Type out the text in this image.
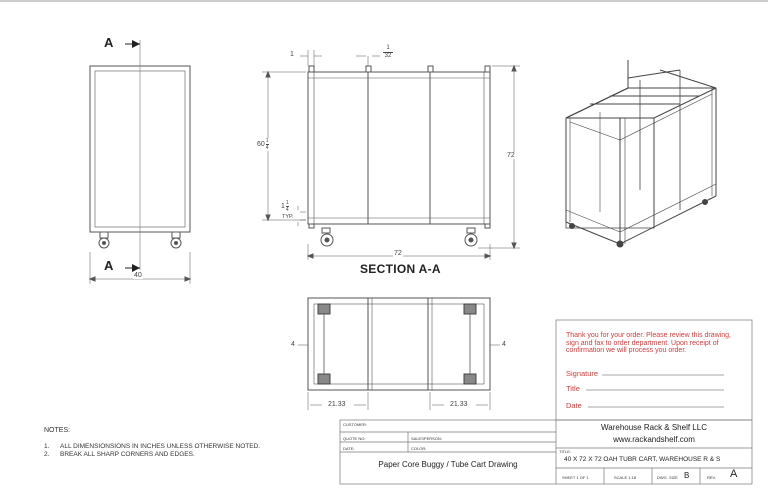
A
A
40
1	$\frac{1}{32}$
$60 \frac{1}{4}$
72
$1 \frac{1}{4}$
TYP.
72
SECTION A-A
4	4
21.33	21.33
NOTES:
1. ALL DIMENSIONSIONS IN INCHES UNLESS OTHERWISE NOTED.
2. BREAK ALL SHARP CORNERS AND EDGES.
Thank you for your order. Please review this drawing, sign and fax to order department. Upon receipt of confirmation we will process you order.
Signature
Title
Date
CUSTOMER:
QUOTE NO:	SALESPERSON:
DATE:	COLOR:
Paper Core Buggy / Tube Cart Drawing
Warehouse Rack & Shelf LLC
www.rackandshelf.com
TITLE:
40 X 72 X 72 OAH TUBR CART, WAREHOUSE R & S
SHEET 1 OF 1	SCALE 1:18	DWG. SIZE B	REV. A
